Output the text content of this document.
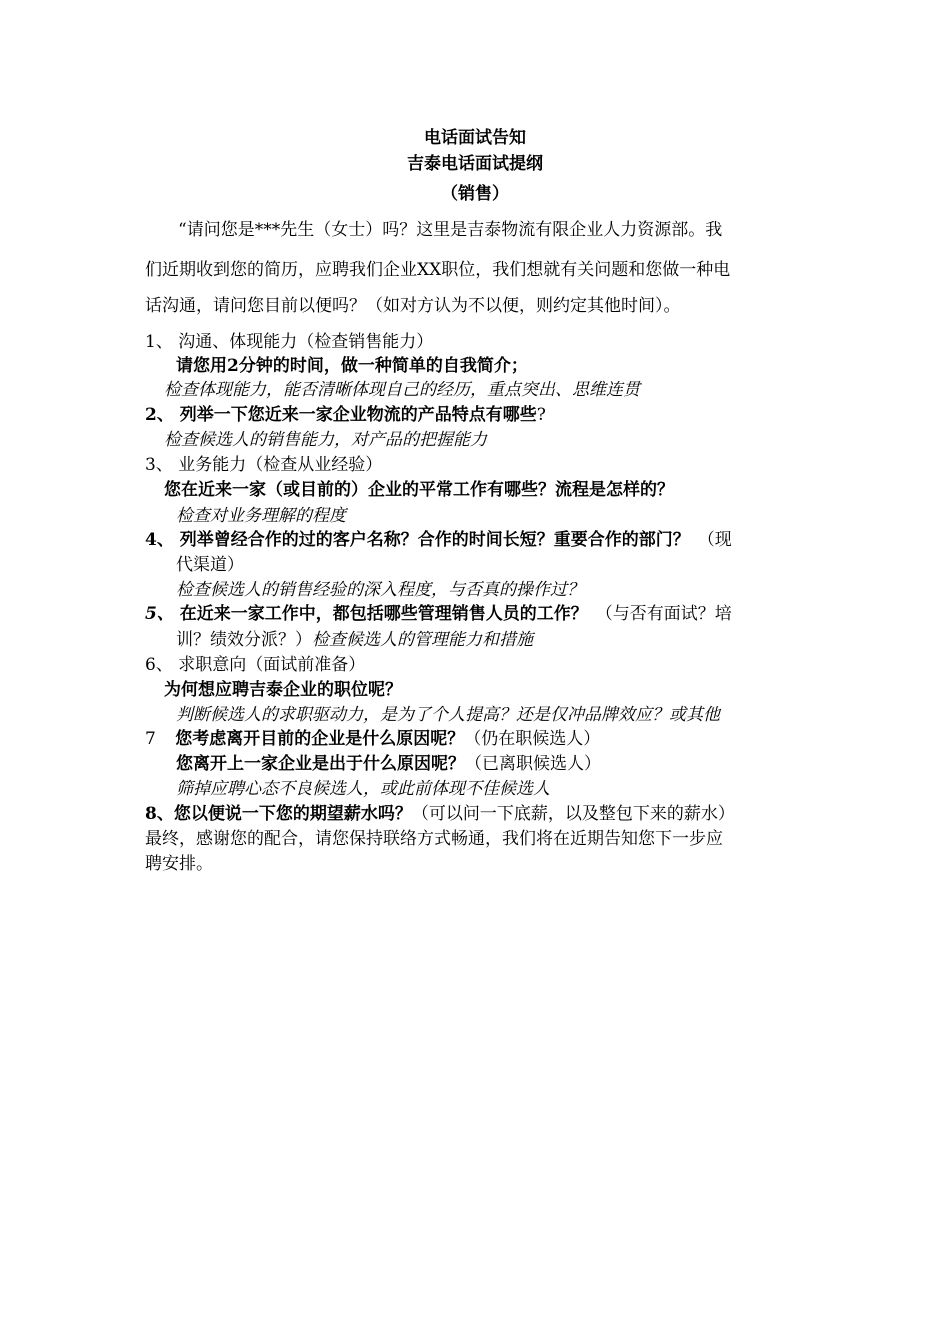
电话面试告知
吉泰电话面试提纲
（销售）
“请问您是***先生（女士）吗？这里是吉泰物流有限企业人力资源部。我
们近期收到您的简历，应聘我们企业XX职位，我们想就有关问题和您做一种电
话沟通，请问您目前以便吗？（如对方认为不以便，则约定其他时间）。
1、 沟通、体现能力（检查销售能力）
请您用2分钟的时间，做一种简单的自我简介；
检查体现能力，能否清晰体现自己的经历，重点突出、思维连贯
2、 列举一下您近来一家企业物流的产品特点有哪些?
检查候选人的销售能力，对产品的把握能力
3、 业务能力（检查从业经验）
您在近来一家（或目前的）企业的平常工作有哪些？流程是怎样的？
检查对业务理解的程度
4、 列举曾经合作的过的客户名称？合作的时间长短？重要合作的部门？ （现
代渠道）
检查候选人的销售经验的深入程度，与否真的操作过？
5、 在近来一家工作中，都包括哪些管理销售人员的工作？ （与否有面试？培
训？绩效分派？）检查候选人的管理能力和措施
6、 求职意向（面试前准备）
为何想应聘吉泰企业的职位呢？
判断候选人的求职驱动力，是为了个人提高？还是仅冲品牌效应？或其他
7 您考虑离开目前的企业是什么原因呢？（仍在职候选人）
您离开上一家企业是出于什么原因呢？（已离职候选人）
筛掉应聘心态不良候选人，或此前体现不佳候选人
8、您以便说一下您的期望薪水吗？（可以问一下底薪，以及整包下来的薪水）
最终，感谢您的配合，请您保持联络方式畅通，我们将在近期告知您下一步应
聘安排。
